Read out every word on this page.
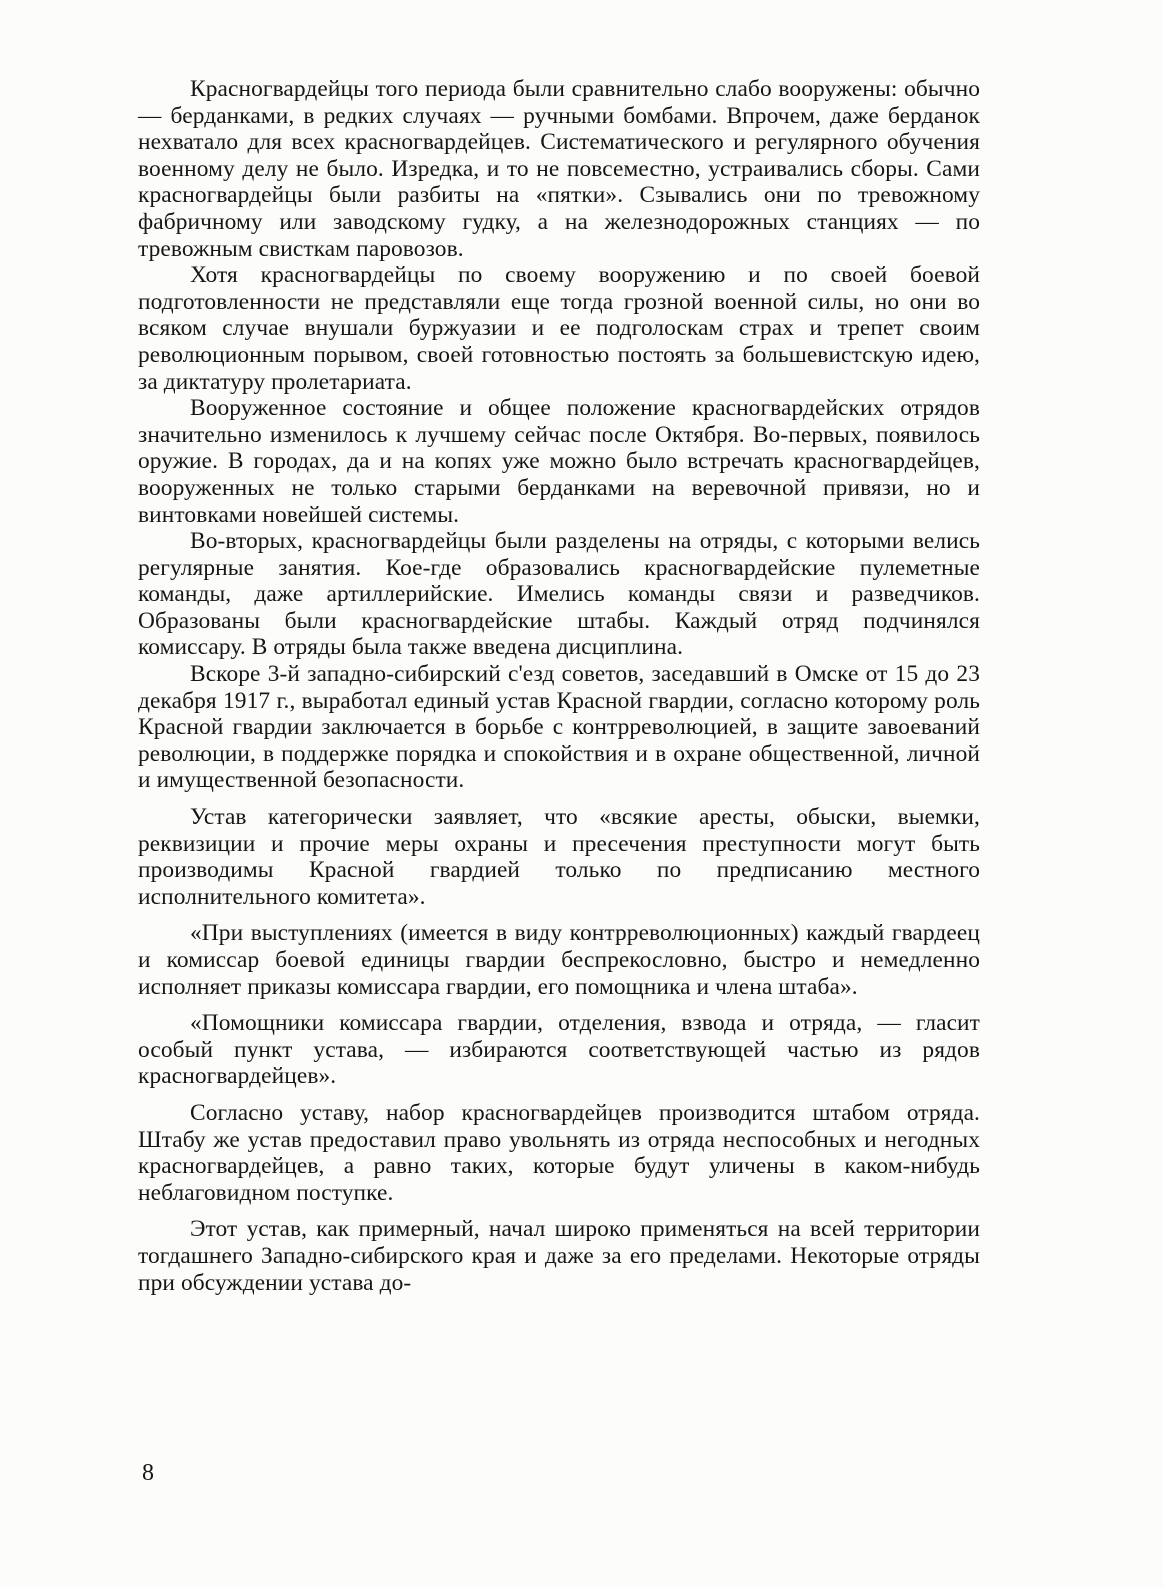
Красногвардейцы того периода были сравнительно слабо вооружены: обычно — берданками, в редких случаях — ручными бомбами. Впрочем, даже берданок нехватало для всех красногвардейцев. Систематического и регулярного обучения военному делу не было. Изредка, и то не повсеместно, устраивались сборы. Сами красногвардейцы были разбиты на «пятки». Сзывались они по тревожному фабричному или заводскому гудку, а на железнодорожных станциях — по тревожным свисткам паровозов.

Хотя красногвардейцы по своему вооружению и по своей боевой подготовленности не представляли еще тогда грозной военной силы, но они во всяком случае внушали буржуазии и ее подголоскам страх и трепет своим революционным порывом, своей готовностью постоять за большевистскую идею, за диктатуру пролетариата.

Вооруженное состояние и общее положение красногвардейских отрядов значительно изменилось к лучшему сейчас после Октября. Во-первых, появилось оружие. В городах, да и на копях уже можно было встречать красногвардейцев, вооруженных не только старыми берданками на веревочной привязи, но и винтовками новейшей системы.

Во-вторых, красногвардейцы были разделены на отряды, с которыми велись регулярные занятия. Кое-где образовались красногвардейские пулеметные команды, даже артиллерийские. Имелись команды связи и разведчиков. Образованы были красногвардейские штабы. Каждый отряд подчинялся комиссару. В отряды была также введена дисциплина.

Вскоре 3-й западно-сибирский с'езд советов, заседавший в Омске от 15 до 23 декабря 1917 г., выработал единый устав Красной гвардии, согласно которому роль Красной гвардии заключается в борьбе с контрреволюцией, в защите завоеваний революции, в поддержке порядка и спокойствия и в охране общественной, личной и имущественной безопасности.

Устав категорически заявляет, что «всякие аресты, обыски, выемки, реквизиции и прочие меры охраны и пресечения преступности могут быть производимы Красной гвардией только по предписанию местного исполнительного комитета».

«При выступлениях (имеется в виду контрреволюционных) каждый гвардеец и комиссар боевой единицы гвардии беспрекословно, быстро и немедленно исполняет приказы комиссара гвардии, его помощника и члена штаба».

«Помощники комиссара гвардии, отделения, взвода и отряда, — гласит особый пункт устава, — избираются соответствующей частью из рядов красногвардейцев».

Согласно уставу, набор красногвардейцев производится штабом отряда. Штабу же устав предоставил право увольнять из отряда неспособных и негодных красногвардейцев, а равно таких, которые будут уличены в каком-нибудь неблаговидном поступке.

Этот устав, как примерный, начал широко применяться на всей территории тогдашнего Западно-сибирского края и даже за его пределами. Некоторые отряды при обсуждении устава до-

8
